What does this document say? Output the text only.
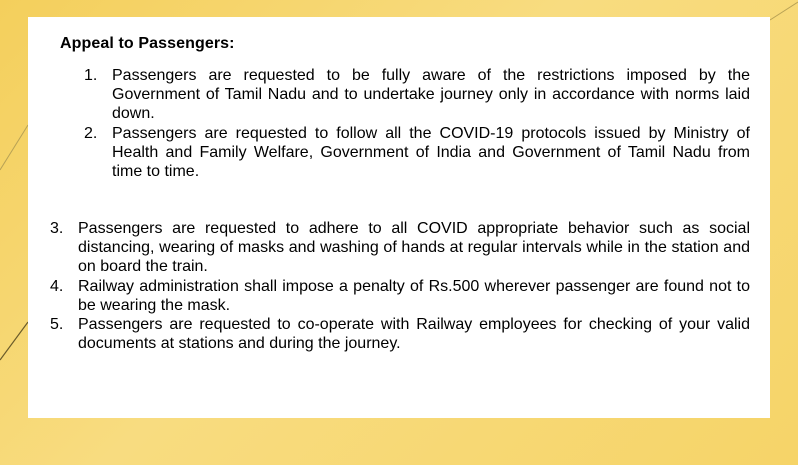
Appeal to Passengers:
1. Passengers are requested to be fully aware of the restrictions imposed by the Government of Tamil Nadu and to undertake journey only in accordance with norms laid down.
2. Passengers are requested to follow all the COVID-19 protocols issued by Ministry of Health and Family Welfare, Government of India and Government of Tamil Nadu from time to time.
3. Passengers are requested to adhere to all COVID appropriate behavior such as social distancing, wearing of masks and washing of hands at regular intervals while in the station and on board the train.
4. Railway administration shall impose a penalty of Rs.500 wherever passenger are found not to be wearing the mask.
5. Passengers are requested to co-operate with Railway employees for checking of your valid documents at stations and during the journey.
